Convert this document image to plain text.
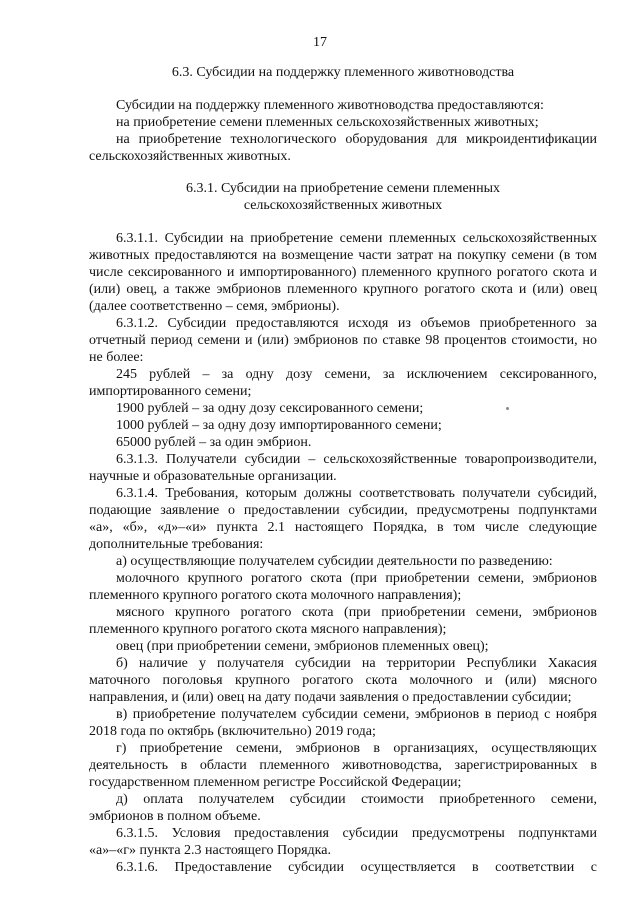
17
6.3. Субсидии на поддержку племенного животноводства
Субсидии на поддержку племенного животноводства предоставляются:
на приобретение семени племенных сельскохозяйственных животных;
на приобретение технологического оборудования для микроидентификации
сельскохозяйственных животных.
6.3.1. Субсидии на приобретение семени племенных
сельскохозяйственных животных
6.3.1.1. Субсидии на приобретение семени племенных сельскохозяйственных
животных предоставляются на возмещение части затрат на покупку семени (в том
числе сексированного и импортированного) племенного крупного рогатого скота и
(или) овец, а также эмбрионов племенного крупного рогатого скота и (или) овец
(далее соответственно – семя, эмбрионы).
6.3.1.2. Субсидии предоставляются исходя из объемов приобретенного за
отчетный период семени и (или) эмбрионов по ставке 98 процентов стоимости, но
не более:
245 рублей – за одну дозу семени, за исключением сексированного,
импортированного семени;
1900 рублей – за одну дозу сексированного семени;
1000 рублей – за одну дозу импортированного семени;
65000 рублей – за один эмбрион.
6.3.1.3. Получатели субсидии – сельскохозяйственные товаропроизводители,
научные и образовательные организации.
6.3.1.4. Требования, которым должны соответствовать получатели субсидий,
подающие заявление о предоставлении субсидии, предусмотрены подпунктами
«а», «б», «д»–«и» пункта 2.1 настоящего Порядка, в том числе следующие
дополнительные требования:
а) осуществляющие получателем субсидии деятельности по разведению:
молочного крупного рогатого скота (при приобретении семени, эмбрионов
племенного крупного рогатого скота молочного направления);
мясного крупного рогатого скота (при приобретении семени, эмбрионов
племенного крупного рогатого скота мясного направления);
овец (при приобретении семени, эмбрионов племенных овец);
б) наличие у получателя субсидии на территории Республики Хакасия
маточного поголовья крупного рогатого скота молочного и (или) мясного
направления, и (или) овец на дату подачи заявления о предоставлении субсидии;
в) приобретение получателем субсидии семени, эмбрионов в период с ноября
2018 года по октябрь (включительно) 2019 года;
г) приобретение семени, эмбрионов в организациях, осуществляющих
деятельность в области племенного животноводства, зарегистрированных в
государственном племенном регистре Российской Федерации;
д) оплата получателем субсидии стоимости приобретенного семени,
эмбрионов в полном объеме.
6.3.1.5. Условия предоставления субсидии предусмотрены подпунктами
«а»–«г» пункта 2.3 настоящего Порядка.
6.3.1.6. Предоставление субсидии осуществляется в соответствии с
